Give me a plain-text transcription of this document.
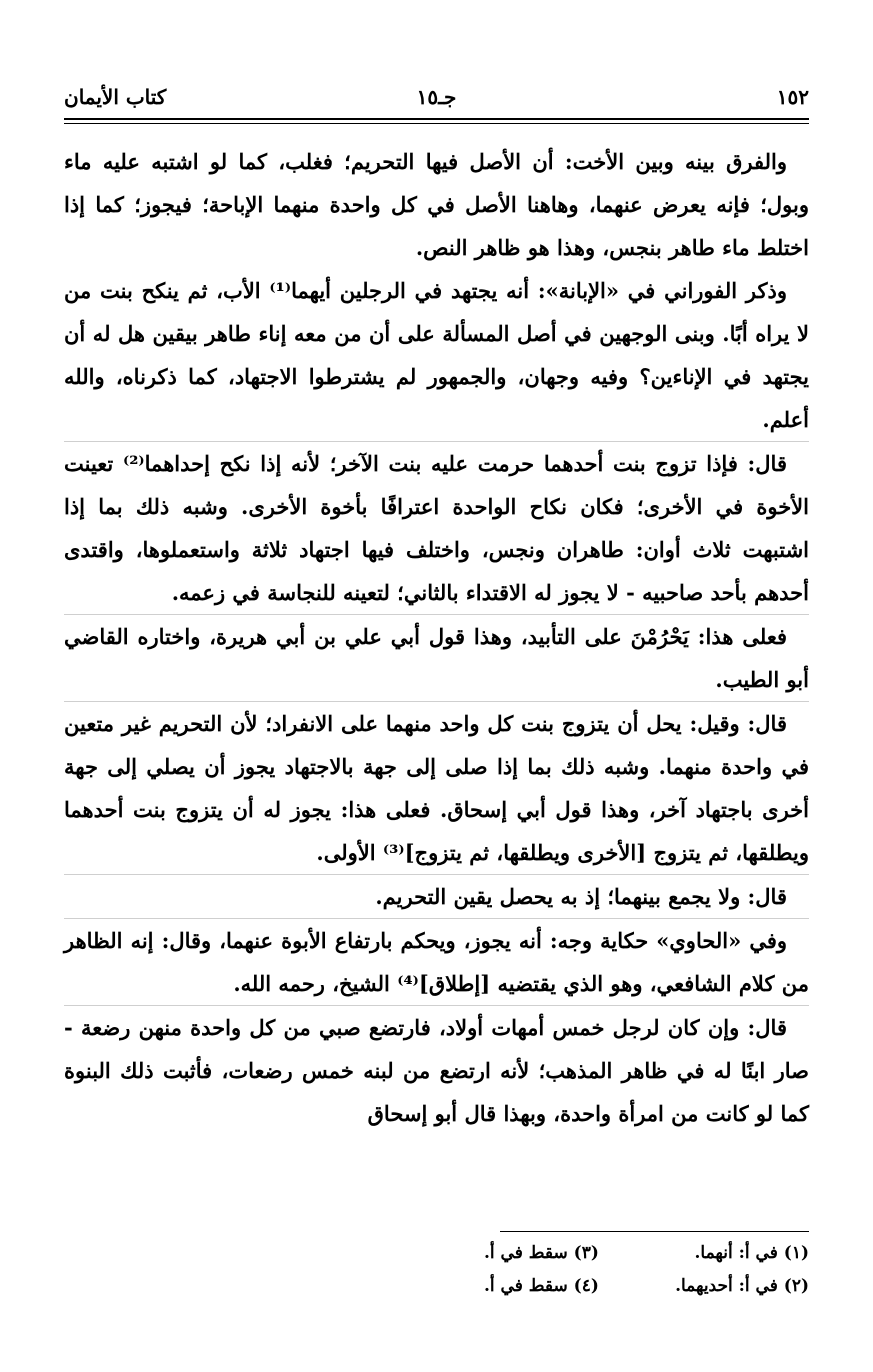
١٥٢
جـ١٥
كتاب الأيمان

والفرق بينه وبين الأخت: أن الأصل فيها التحريم؛ فغلب، كما لو اشتبه عليه ماء وبول؛ فإنه يعرض عنهما، وهاهنا الأصل في كل واحدة منهما الإباحة؛ فيجوز؛ كما إذا اختلط ماء طاهر بنجس، وهذا هو ظاهر النص.

وذكر الفوراني في «الإبانة»: أنه يجتهد في الرجلين أيهما⁽¹⁾ الأب، ثم ينكح بنت من لا يراه أبًا. وبنى الوجهين في أصل المسألة على أن من معه إناء طاهر بيقين هل له أن يجتهد في الإناءين؟ وفيه وجهان، والجمهور لم يشترطوا الاجتهاد، كما ذكرناه، والله أعلم.

قال: فإذا تزوج بنت أحدهما حرمت عليه بنت الآخر؛ لأنه إذا نكح إحداهما⁽²⁾ تعينت الأخوة في الأخرى؛ فكان نكاح الواحدة اعترافًا بأخوة الأخرى. وشبه ذلك بما إذا اشتبهت ثلاث أوان: طاهران ونجس، واختلف فيها اجتهاد ثلاثة واستعملوها، واقتدى أحدهم بأحد صاحبيه - لا يجوز له الاقتداء بالثاني؛ لتعينه للنجاسة في زعمه.

فعلى هذا: يَحْرُمْنَ على التأبيد، وهذا قول أبي علي بن أبي هريرة، واختاره القاضي أبو الطيب.

قال: وقيل: يحل أن يتزوج بنت كل واحد منهما على الانفراد؛ لأن التحريم غير متعين في واحدة منهما. وشبه ذلك بما إذا صلى إلى جهة بالاجتهاد يجوز أن يصلي إلى جهة أخرى باجتهاد آخر، وهذا قول أبي إسحاق. فعلى هذا: يجوز له أن يتزوج بنت أحدهما ويطلقها، ثم يتزوج [الأخرى ويطلقها، ثم يتزوج]⁽³⁾ الأولى.

قال: ولا يجمع بينهما؛ إذ به يحصل يقين التحريم.

وفي «الحاوي» حكاية وجه: أنه يجوز، ويحكم بارتفاع الأبوة عنهما، وقال: إنه الظاهر من كلام الشافعي، وهو الذي يقتضيه [إطلاق]⁽⁴⁾ الشيخ، رحمه الله.

قال: وإن كان لرجل خمس أمهات أولاد، فارتضع صبي من كل واحدة منهن رضعة - صار ابنًا له في ظاهر المذهب؛ لأنه ارتضع من لبنه خمس رضعات، فأثبت ذلك البنوة كما لو كانت من امرأة واحدة، وبهذا قال أبو إسحاق

(١) في أ: أنهما.
(٢) في أ: أحديهما.
(٣) سقط في أ.
(٤) سقط في أ.
